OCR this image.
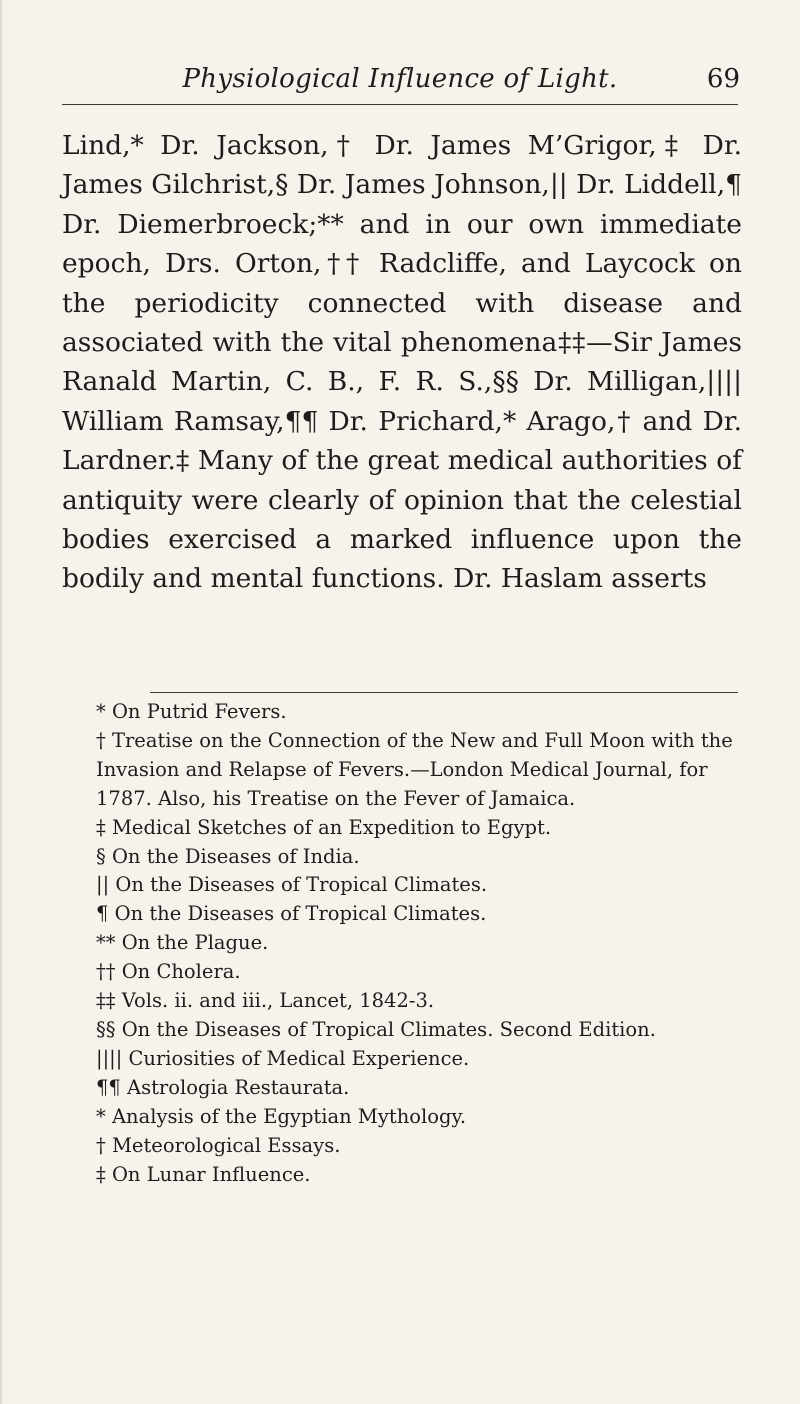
Physiological Influence of Light.	69

Lind,* Dr. Jackson,† Dr. James M’Grigor,‡ Dr. James Gilchrist,§ Dr. James Johnson,|| Dr. Liddell,¶ Dr. Diemerbroeck;** and in our own immediate epoch, Drs. Orton,†† Radcliffe, and Laycock on the periodicity connected with disease and associated with the vital phenomena‡‡—Sir James Ranald Martin, C. B., F. R. S.,§§ Dr. Milligan,|||| William Ramsay,¶¶ Dr. Prichard,* Arago,† and Dr. Lardner.‡ Many of the great medical authorities of antiquity were clearly of opinion that the celestial bodies exercised a marked influence upon the bodily and mental functions. Dr. Haslam asserts

* On Putrid Fevers.
† Treatise on the Connection of the New and Full Moon with the Invasion and Relapse of Fevers.—London Medical Journal, for 1787. Also, his Treatise on the Fever of Jamaica.
‡ Medical Sketches of an Expedition to Egypt.
§ On the Diseases of India.
|| On the Diseases of Tropical Climates.
¶ On the Diseases of Tropical Climates.
** On the Plague.
†† On Cholera.
‡‡ Vols. ii. and iii., Lancet, 1842-3.
§§ On the Diseases of Tropical Climates. Second Edition.
|||| Curiosities of Medical Experience.
¶¶ Astrologia Restaurata.
* Analysis of the Egyptian Mythology.
† Meteorological Essays.
‡ On Lunar Influence.
